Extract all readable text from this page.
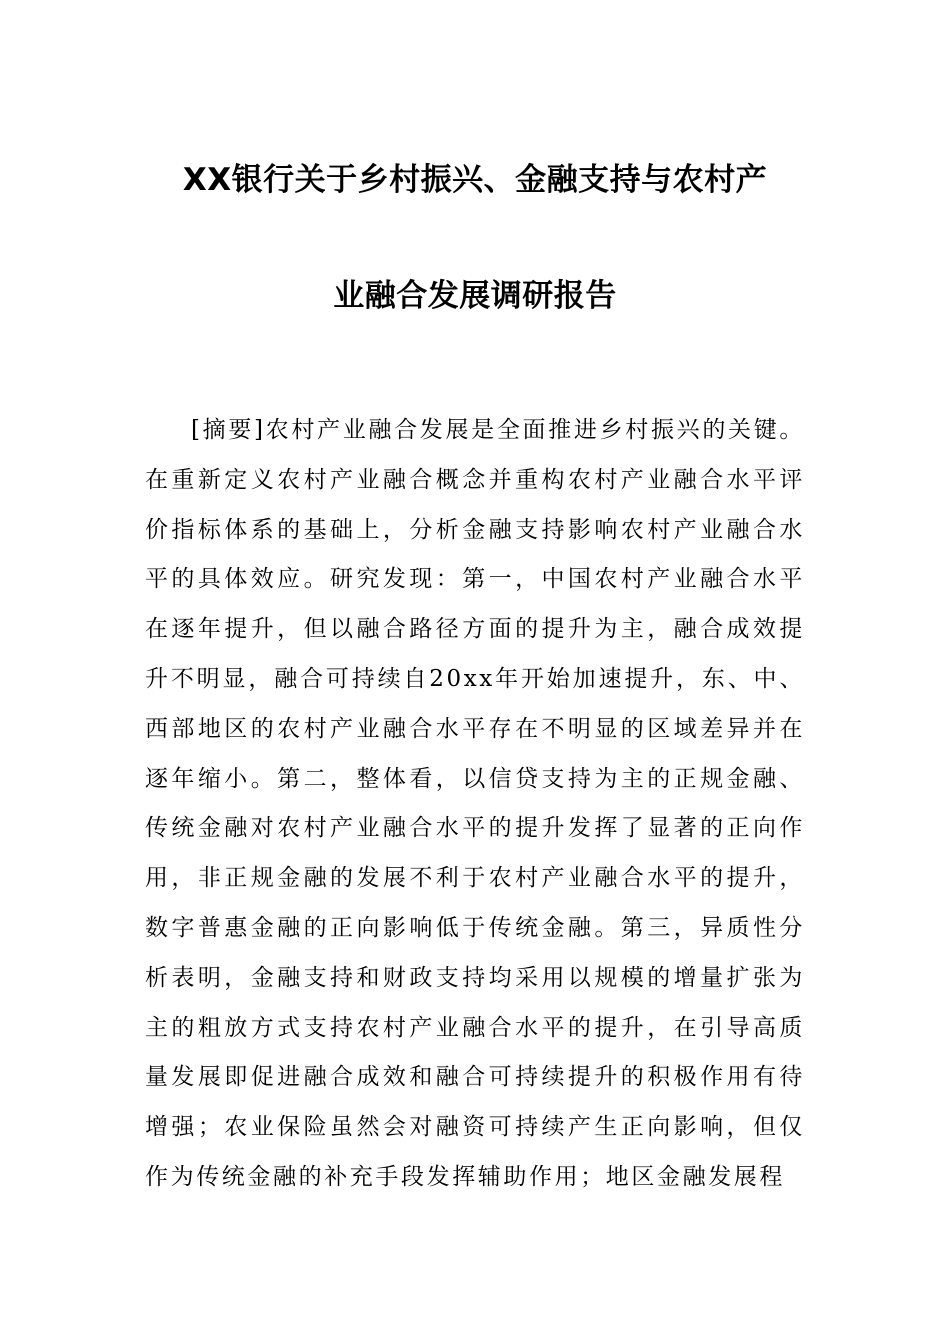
XX银行关于乡村振兴、金融支持与农村产
业融合发展调研报告

[摘要]农村产业融合发展是全面推进乡村振兴的关键。在重新定义农村产业融合概念并重构农村产业融合水平评价指标体系的基础上，分析金融支持影响农村产业融合水平的具体效应。研究发现：第一，中国农村产业融合水平在逐年提升，但以融合路径方面的提升为主，融合成效提升不明显，融合可持续自20xx年开始加速提升，东、中、西部地区的农村产业融合水平存在不明显的区域差异并在逐年缩小。第二，整体看，以信贷支持为主的正规金融、传统金融对农村产业融合水平的提升发挥了显著的正向作用，非正规金融的发展不利于农村产业融合水平的提升，数字普惠金融的正向影响低于传统金融。第三，异质性分析表明，金融支持和财政支持均采用以规模的增量扩张为主的粗放方式支持农村产业融合水平的提升，在引导高质量发展即促进融合成效和融合可持续提升的积极作用有待增强；农业保险虽然会对融资可持续产生正向影响，但仅作为传统金融的补充手段发挥辅助作用；地区金融发展程
